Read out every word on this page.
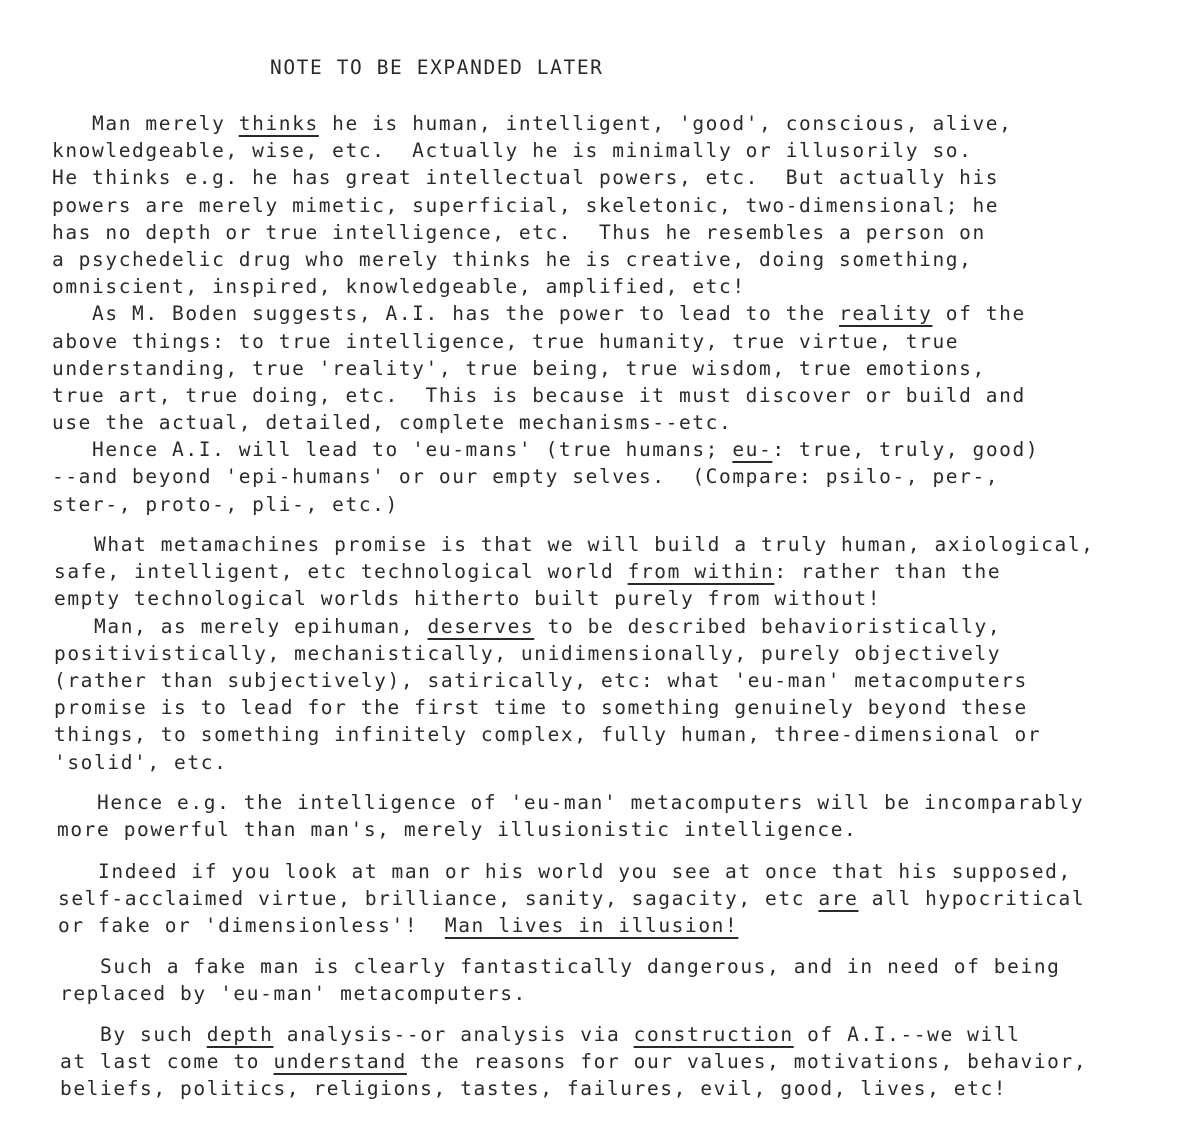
NOTE TO BE EXPANDED LATER
Man merely thinks he is human, intelligent, 'good', conscious, alive,
knowledgeable, wise, etc.  Actually he is minimally or illusorily so.
He thinks e.g. he has great intellectual powers, etc.  But actually his
powers are merely mimetic, superficial, skeletonic, two-dimensional; he
has no depth or true intelligence, etc.  Thus he resembles a person on
a psychedelic drug who merely thinks he is creative, doing something,
omniscient, inspired, knowledgeable, amplified, etc!
As M. Boden suggests, A.I. has the power to lead to the reality of the
above things: to true intelligence, true humanity, true virtue, true
understanding, true 'reality', true being, true wisdom, true emotions,
true art, true doing, etc.  This is because it must discover or build and
use the actual, detailed, complete mechanisms--etc.
Hence A.I. will lead to 'eu-mans' (true humans; eu-: true, truly, good)
--and beyond 'epi-humans' or our empty selves.  (Compare: psilo-, per-,
ster-, proto-, pli-, etc.)
What metamachines promise is that we will build a truly human, axiological,
safe, intelligent, etc technological world from within: rather than the
empty technological worlds hitherto built purely from without!
Man, as merely epihuman, deserves to be described behavioristically,
positivistically, mechanistically, unidimensionally, purely objectively
(rather than subjectively), satirically, etc: what 'eu-man' metacomputers
promise is to lead for the first time to something genuinely beyond these
things, to something infinitely complex, fully human, three-dimensional or
'solid', etc.
Hence e.g. the intelligence of 'eu-man' metacomputers will be incomparably
more powerful than man's, merely illusionistic intelligence.
Indeed if you look at man or his world you see at once that his supposed,
self-acclaimed virtue, brilliance, sanity, sagacity, etc are all hypocritical
or fake or 'dimensionless'!  Man lives in illusion!
Such a fake man is clearly fantastically dangerous, and in need of being
replaced by 'eu-man' metacomputers.
By such depth analysis--or analysis via construction of A.I.--we will
at last come to understand the reasons for our values, motivations, behavior,
beliefs, politics, religions, tastes, failures, evil, good, lives, etc!
